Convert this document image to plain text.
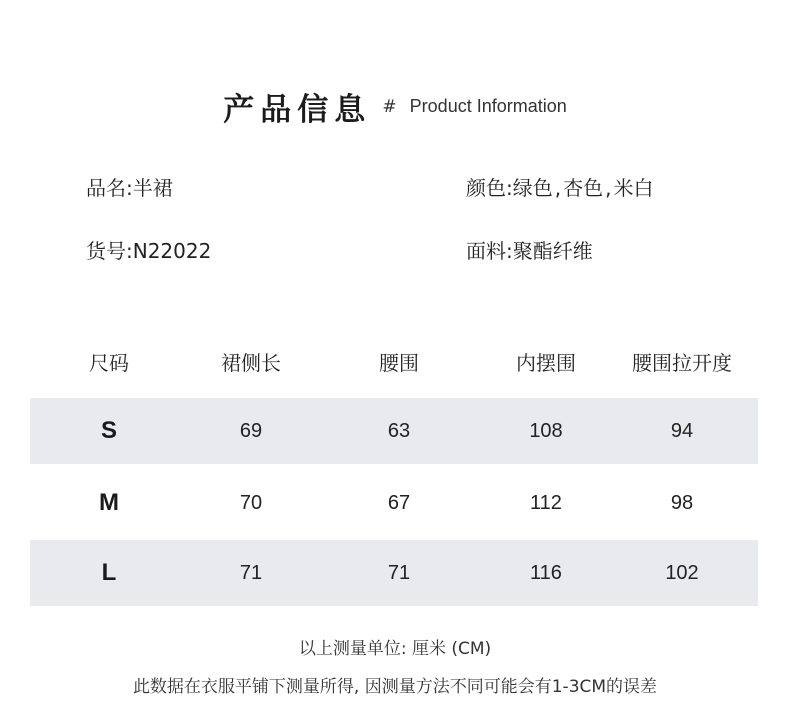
产品信息 # Product Information
品名:半裙	颜色:绿色 , 杏色 , 米白
货号:N22022	面料:聚酯纤维
尺码	裙侧长	腰围	内摆围	腰围拉开度
S	69	63	108	94
M	70	67	112	98
L	71	71	116	102
以上测量单位: 厘米 (CM)
此数据在衣服平铺下测量所得, 因测量方法不同可能会有1-3CM的误差
